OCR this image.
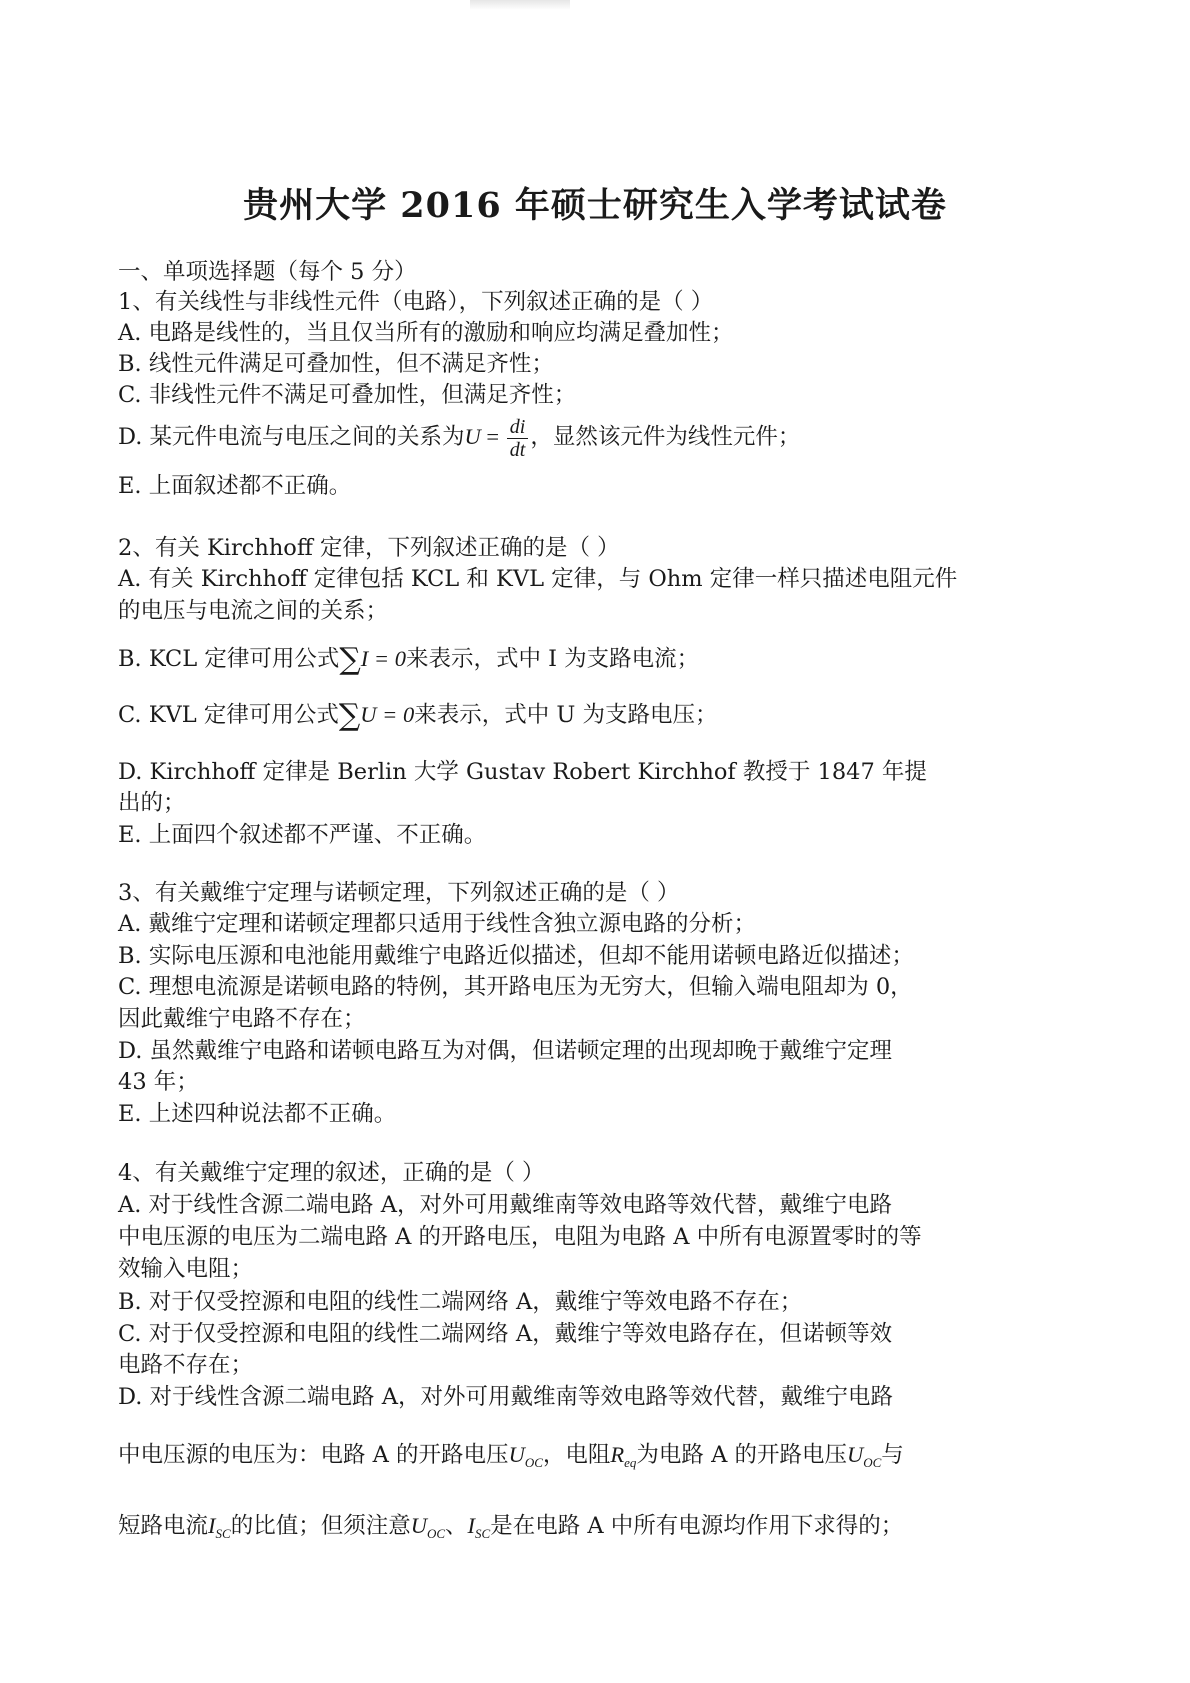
贵州大学 2016 年硕士研究生入学考试试卷
一、单项选择题（每个 5 分）
1、有关线性与非线性元件（电路），下列叙述正确的是（ ）
A. 电路是线性的，当且仅当所有的激励和响应均满足叠加性；
B. 线性元件满足可叠加性，但不满足齐性；
C. 非线性元件不满足可叠加性，但满足齐性；
D. 某元件电流与电压之间的关系为$U = \frac{di}{dt}$ ，显然该元件为线性元件；
E. 上面叙述都不正确。
2、有关 Kirchhoff 定律，下列叙述正确的是（ ）
A. 有关 Kirchhoff 定律包括 KCL 和 KVL 定律，与 Ohm 定律一样只描述电阻元件
的电压与电流之间的关系；
B. KCL 定律可用公式∑I = 0来表示，式中 I 为支路电流；
C. KVL 定律可用公式∑U = 0来表示，式中 U 为支路电压；
D. Kirchhoff 定律是 Berlin 大学 Gustav Robert Kirchhof 教授于 1847 年提
出的；
E. 上面四个叙述都不严谨、不正确。
3、有关戴维宁定理与诺顿定理，下列叙述正确的是（ ）
A. 戴维宁定理和诺顿定理都只适用于线性含独立源电路的分析；
B. 实际电压源和电池能用戴维宁电路近似描述，但却不能用诺顿电路近似描述；
C. 理想电流源是诺顿电路的特例，其开路电压为无穷大，但输入端电阻却为 0，
因此戴维宁电路不存在；
D. 虽然戴维宁电路和诺顿电路互为对偶，但诺顿定理的出现却晚于戴维宁定理
43 年；
E. 上述四种说法都不正确。
4、有关戴维宁定理的叙述，正确的是（ ）
A. 对于线性含源二端电路 A，对外可用戴维南等效电路等效代替，戴维宁电路
中电压源的电压为二端电路 A 的开路电压，电阻为电路 A 中所有电源置零时的等
效输入电阻；
B. 对于仅受控源和电阻的线性二端网络 A，戴维宁等效电路不存在；
C. 对于仅受控源和电阻的线性二端网络 A，戴维宁等效电路存在，但诺顿等效
电路不存在；
D. 对于线性含源二端电路 A，对外可用戴维南等效电路等效代替，戴维宁电路
中电压源的电压为：电路 A 的开路电压$U_{OC}$，电阻$R_{eq}$为电路 A 的开路电压$U_{OC}$与
短路电流$I_{SC}$的比值；但须注意$U_{OC}$、$I_{SC}$是在电路 A 中所有电源均作用下求得的；
